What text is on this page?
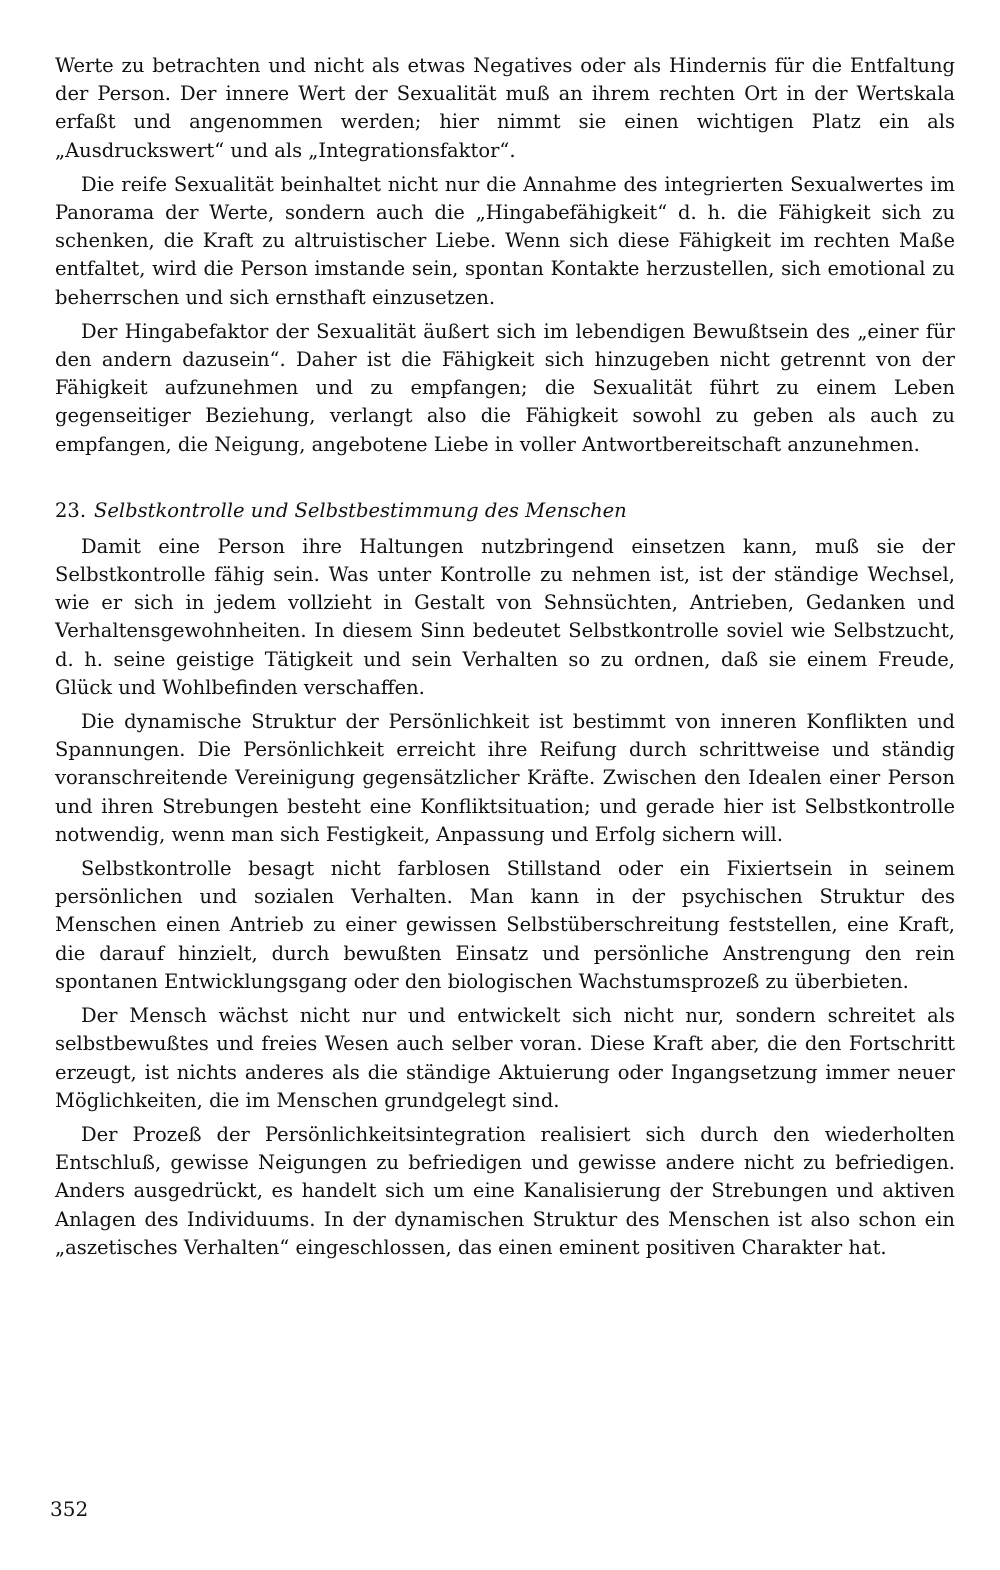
Werte zu betrachten und nicht als etwas Negatives oder als Hindernis für die Entfaltung der Person. Der innere Wert der Sexualität muß an ihrem rechten Ort in der Wertskala erfaßt und angenommen werden; hier nimmt sie einen wichtigen Platz ein als „Ausdruckswert“ und als „Integrationsfaktor“.

Die reife Sexualität beinhaltet nicht nur die Annahme des integrierten Sexualwertes im Panorama der Werte, sondern auch die „Hingabefähigkeit“ d. h. die Fähigkeit sich zu schenken, die Kraft zu altruistischer Liebe. Wenn sich diese Fähigkeit im rechten Maße entfaltet, wird die Person imstande sein, spontan Kontakte herzustellen, sich emotional zu beherrschen und sich ernsthaft einzusetzen.

Der Hingabefaktor der Sexualität äußert sich im lebendigen Bewußtsein des „einer für den andern dazusein“. Daher ist die Fähigkeit sich hinzugeben nicht getrennt von der Fähigkeit aufzunehmen und zu empfangen; die Sexualität führt zu einem Leben gegenseitiger Beziehung, verlangt also die Fähigkeit sowohl zu geben als auch zu empfangen, die Neigung, angebotene Liebe in voller Antwortbereitschaft anzunehmen.

23. Selbstkontrolle und Selbstbestimmung des Menschen

Damit eine Person ihre Haltungen nutzbringend einsetzen kann, muß sie der Selbstkontrolle fähig sein. Was unter Kontrolle zu nehmen ist, ist der ständige Wechsel, wie er sich in jedem vollzieht in Gestalt von Sehnsüchten, Antrieben, Gedanken und Verhaltensgewohnheiten. In diesem Sinn bedeutet Selbstkontrolle soviel wie Selbstzucht, d. h. seine geistige Tätigkeit und sein Verhalten so zu ordnen, daß sie einem Freude, Glück und Wohlbefinden verschaffen.

Die dynamische Struktur der Persönlichkeit ist bestimmt von inneren Konflikten und Spannungen. Die Persönlichkeit erreicht ihre Reifung durch schrittweise und ständig voranschreitende Vereinigung gegensätzlicher Kräfte. Zwischen den Idealen einer Person und ihren Strebungen besteht eine Konfliktsituation; und gerade hier ist Selbstkontrolle notwendig, wenn man sich Festigkeit, Anpassung und Erfolg sichern will.

Selbstkontrolle besagt nicht farblosen Stillstand oder ein Fixiertsein in seinem persönlichen und sozialen Verhalten. Man kann in der psychischen Struktur des Menschen einen Antrieb zu einer gewissen Selbstüberschreitung feststellen, eine Kraft, die darauf hinzielt, durch bewußten Einsatz und persönliche Anstrengung den rein spontanen Entwicklungsgang oder den biologischen Wachstumsprozeß zu überbieten.

Der Mensch wächst nicht nur und entwickelt sich nicht nur, sondern schreitet als selbstbewußtes und freies Wesen auch selber voran. Diese Kraft aber, die den Fortschritt erzeugt, ist nichts anderes als die ständige Aktuierung oder Ingangsetzung immer neuer Möglichkeiten, die im Menschen grundgelegt sind.

Der Prozeß der Persönlichkeitsintegration realisiert sich durch den wiederholten Entschluß, gewisse Neigungen zu befriedigen und gewisse andere nicht zu befriedigen. Anders ausgedrückt, es handelt sich um eine Kanalisierung der Strebungen und aktiven Anlagen des Individuums. In der dynamischen Struktur des Menschen ist also schon ein „aszetisches Verhalten“ eingeschlossen, das einen eminent positiven Charakter hat.

352
